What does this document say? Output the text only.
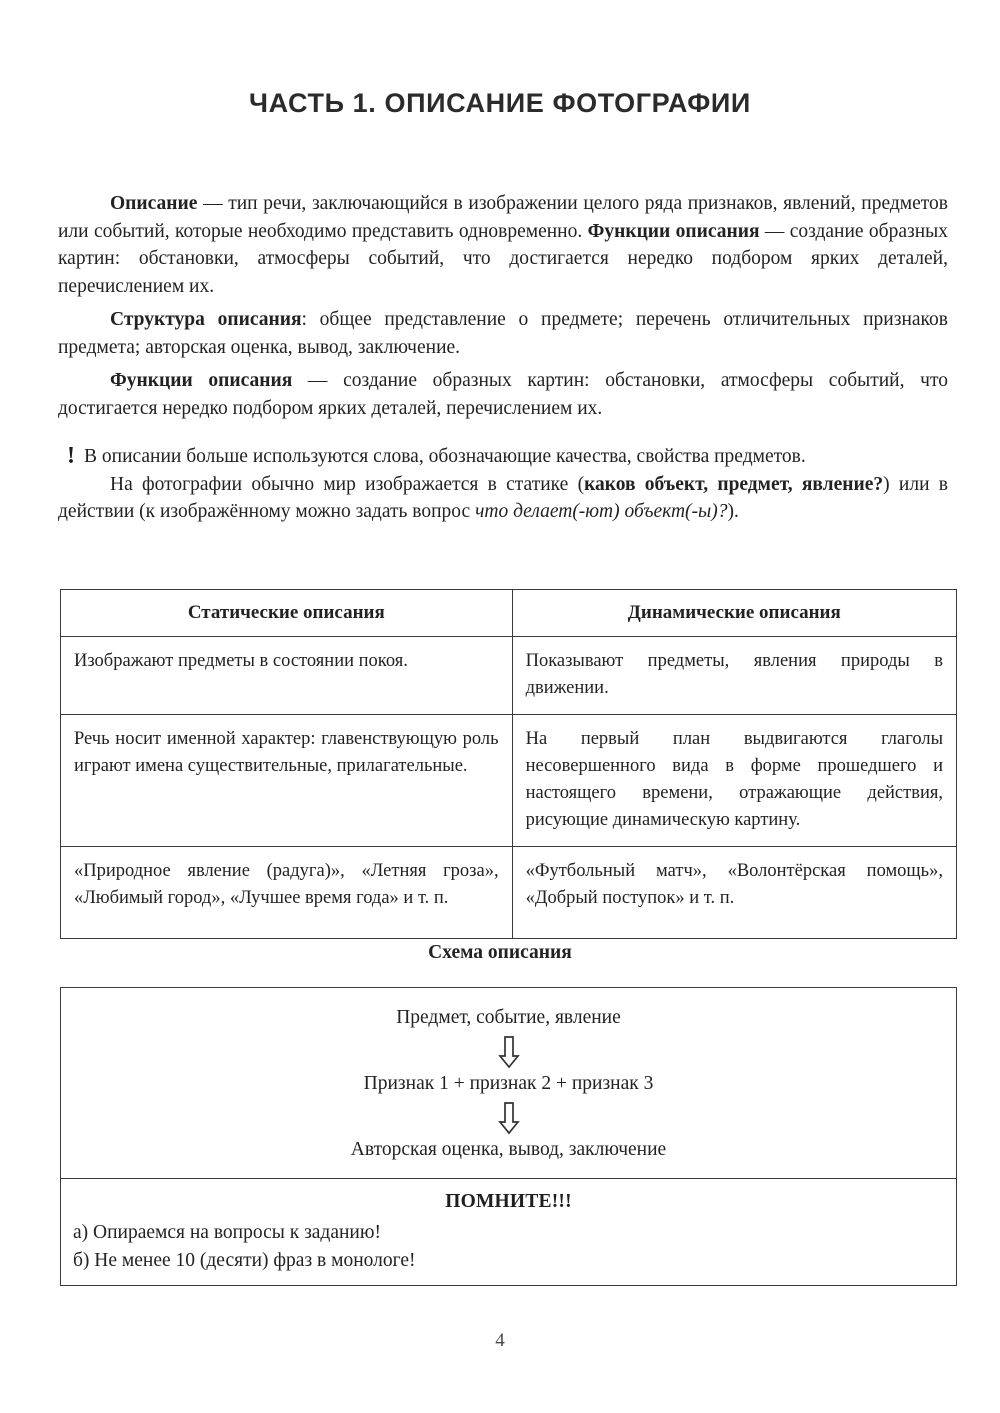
ЧАСТЬ 1. ОПИСАНИЕ ФОТОГРАФИИ

Описание — тип речи, заключающийся в изображении целого ряда признаков, явлений, предметов или событий, которые необходимо представить одновременно. Функции описания — создание образных картин: обстановки, атмосферы событий, что достигается нередко подбором ярких деталей, перечислением их.

Структура описания: общее представление о предмете; перечень отличительных признаков предмета; авторская оценка, вывод, заключение.

Функции описания — создание образных картин: обстановки, атмосферы событий, что достигается нередко подбором ярких деталей, перечислением их.

! В описании больше используются слова, обозначающие качества, свойства предметов.

На фотографии обычно мир изображается в статике (каков объект, предмет, явление?) или в действии (к изображённому можно задать вопрос что делает(-ют) объект(-ы)?).

Статические описания	Динамические описания
Изображают предметы в состоянии покоя.	Показывают предметы, явления природы в движении.
Речь носит именной характер: главенствующую роль играют имена существительные, прилагательные.	На первый план выдвигаются глаголы несовершенного вида в форме прошедшего и настоящего времени, отражающие действия, рисующие динамическую картину.
«Природное явление (радуга)», «Летняя гроза», «Любимый город», «Лучшее время года» и т. п.	«Футбольный матч», «Волонтёрская помощь», «Добрый поступок» и т. п.
Схема описания
Предмет, событие, явление
Признак 1 + признак 2 + признак 3
Авторская оценка, вывод, заключение
ПОМНИТЕ!!!
а) Опираемся на вопросы к заданию!
б) Не менее 10 (десяти) фраз в монологе!
4
